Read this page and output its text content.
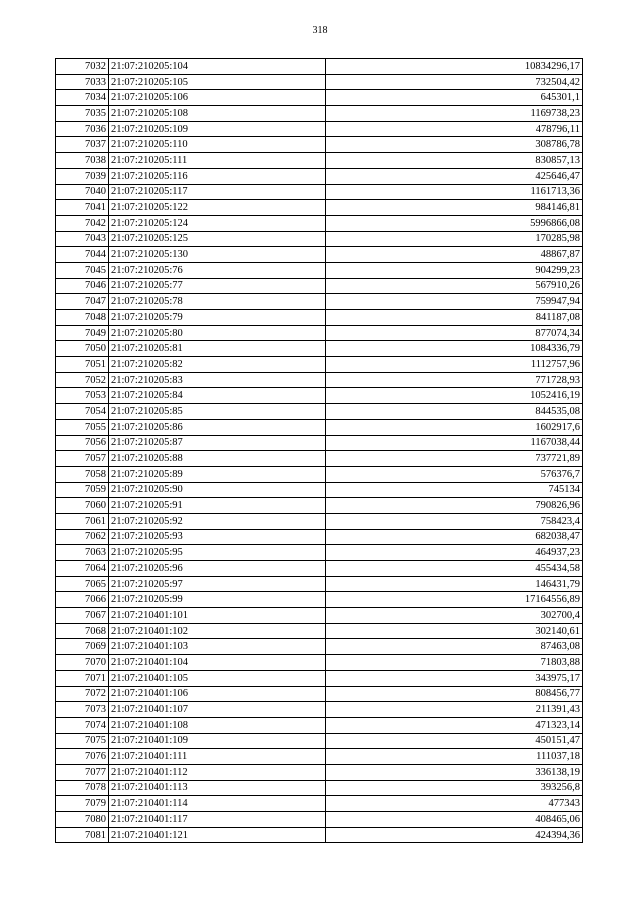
318
7032	21:07:210205:104	10834296,17
7033	21:07:210205:105	732504,42
7034	21:07:210205:106	645301,1
7035	21:07:210205:108	1169738,23
7036	21:07:210205:109	478796,11
7037	21:07:210205:110	308786,78
7038	21:07:210205:111	830857,13
7039	21:07:210205:116	425646,47
7040	21:07:210205:117	1161713,36
7041	21:07:210205:122	984146,81
7042	21:07:210205:124	5996866,08
7043	21:07:210205:125	170285,98
7044	21:07:210205:130	48867,87
7045	21:07:210205:76	904299,23
7046	21:07:210205:77	567910,26
7047	21:07:210205:78	759947,94
7048	21:07:210205:79	841187,08
7049	21:07:210205:80	877074,34
7050	21:07:210205:81	1084336,79
7051	21:07:210205:82	1112757,96
7052	21:07:210205:83	771728,93
7053	21:07:210205:84	1052416,19
7054	21:07:210205:85	844535,08
7055	21:07:210205:86	1602917,6
7056	21:07:210205:87	1167038,44
7057	21:07:210205:88	737721,89
7058	21:07:210205:89	576376,7
7059	21:07:210205:90	745134
7060	21:07:210205:91	790826,96
7061	21:07:210205:92	758423,4
7062	21:07:210205:93	682038,47
7063	21:07:210205:95	464937,23
7064	21:07:210205:96	455434,58
7065	21:07:210205:97	146431,79
7066	21:07:210205:99	17164556,89
7067	21:07:210401:101	302700,4
7068	21:07:210401:102	302140,61
7069	21:07:210401:103	87463,08
7070	21:07:210401:104	71803,88
7071	21:07:210401:105	343975,17
7072	21:07:210401:106	808456,77
7073	21:07:210401:107	211391,43
7074	21:07:210401:108	471323,14
7075	21:07:210401:109	450151,47
7076	21:07:210401:111	111037,18
7077	21:07:210401:112	336138,19
7078	21:07:210401:113	393256,8
7079	21:07:210401:114	477343
7080	21:07:210401:117	408465,06
7081	21:07:210401:121	424394,36
